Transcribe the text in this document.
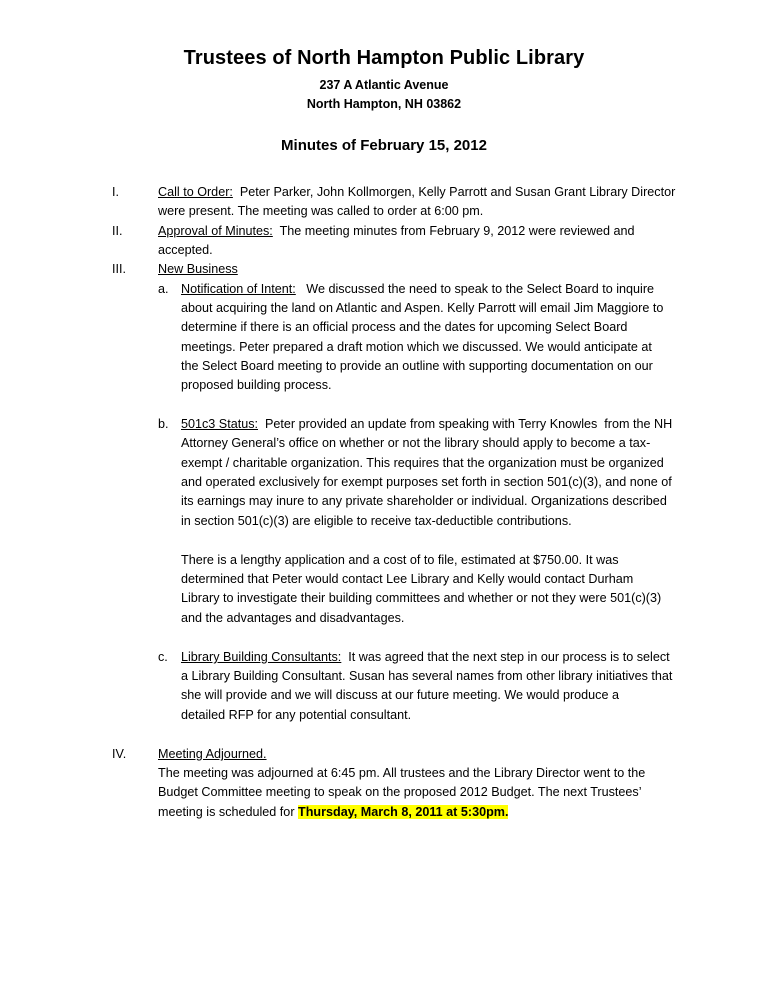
Trustees of North Hampton Public Library
237 A Atlantic Avenue
North Hampton, NH 03862
Minutes of February 15, 2012
I.	Call to Order:  Peter Parker, John Kollmorgen, Kelly Parrott and Susan Grant Library Director
were present. The meeting was called to order at 6:00 pm.
II.	Approval of Minutes:  The meeting minutes from February 9, 2012 were reviewed and
accepted.
III.	New Business
a. Notification of Intent:   We discussed the need to speak to the Select Board to inquire
about acquiring the land on Atlantic and Aspen. Kelly Parrott will email Jim Maggiore to
determine if there is an official process and the dates for upcoming Select Board
meetings. Peter prepared a draft motion which we discussed. We would anticipate at
the Select Board meeting to provide an outline with supporting documentation on our
proposed building process.
b. 501c3 Status:  Peter provided an update from speaking with Terry Knowles  from the NH
Attorney General’s office on whether or not the library should apply to become a tax-
exempt / charitable organization. This requires that the organization must be organized
and operated exclusively for exempt purposes set forth in section 501(c)(3), and none of
its earnings may inure to any private shareholder or individual. Organizations described
in section 501(c)(3) are eligible to receive tax-deductible contributions.
There is a lengthy application and a cost of to file, estimated at $750.00. It was
determined that Peter would contact Lee Library and Kelly would contact Durham
Library to investigate their building committees and whether or not they were 501(c)(3)
and the advantages and disadvantages.
c. Library Building Consultants:  It was agreed that the next step in our process is to select
a Library Building Consultant. Susan has several names from other library initiatives that
she will provide and we will discuss at our future meeting. We would produce a
detailed RFP for any potential consultant.
IV.	Meeting Adjourned.
The meeting was adjourned at 6:45 pm. All trustees and the Library Director went to the
Budget Committee meeting to speak on the proposed 2012 Budget. The next Trustees’
meeting is scheduled for Thursday, March 8, 2011 at 5:30pm.
